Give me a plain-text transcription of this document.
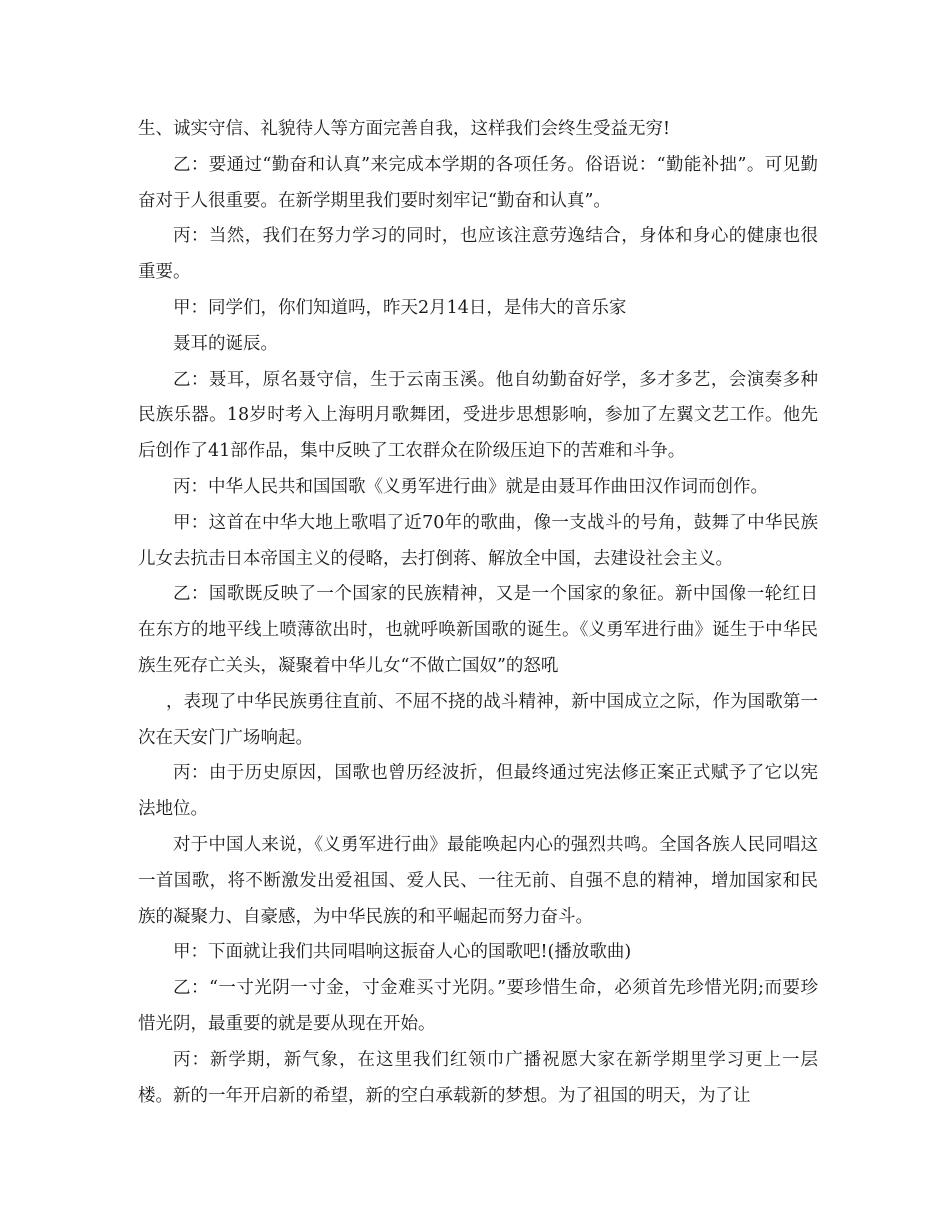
生、诚实守信、礼貌待人等方面完善自我，这样我们会终生受益无穷!

乙：要通过“勤奋和认真”来完成本学期的各项任务。俗语说：“勤能补拙”。可见勤奋对于人很重要。在新学期里我们要时刻牢记“勤奋和认真”。

丙：当然，我们在努力学习的同时，也应该注意劳逸结合，身体和身心的健康也很重要。

甲：同学们，你们知道吗，昨天2月14日，是伟大的音乐家

聂耳的诞辰。

乙：聂耳，原名聂守信，生于云南玉溪。他自幼勤奋好学，多才多艺，会演奏多种民族乐器。18岁时考入上海明月歌舞团，受进步思想影响，参加了左翼文艺工作。他先后创作了41部作品，集中反映了工农群众在阶级压迫下的苦难和斗争。

丙：中华人民共和国国歌《义勇军进行曲》就是由聂耳作曲田汉作词而创作。

甲：这首在中华大地上歌唱了近70年的歌曲，像一支战斗的号角，鼓舞了中华民族儿女去抗击日本帝国主义的侵略，去打倒蒋、解放全中国，去建设社会主义。

乙：国歌既反映了一个国家的民族精神，又是一个国家的象征。新中国像一轮红日在东方的地平线上喷薄欲出时，也就呼唤新国歌的诞生。《义勇军进行曲》诞生于中华民族生死存亡关头，凝聚着中华儿女“不做亡国奴”的怒吼

，表现了中华民族勇往直前、不屈不挠的战斗精神，新中国成立之际，作为国歌第一次在天安门广场响起。

丙：由于历史原因，国歌也曾历经波折，但最终通过宪法修正案正式赋予了它以宪法地位。

对于中国人来说，《义勇军进行曲》最能唤起内心的强烈共鸣。全国各族人民同唱这一首国歌，将不断激发出爱祖国、爱人民、一往无前、自强不息的精神，增加国家和民族的凝聚力、自豪感，为中华民族的和平崛起而努力奋斗。

甲：下面就让我们共同唱响这振奋人心的国歌吧!(播放歌曲)

乙：“一寸光阴一寸金，寸金难买寸光阴。”要珍惜生命，必须首先珍惜光阴;而要珍惜光阴，最重要的就是要从现在开始。

丙：新学期，新气象，在这里我们红领巾广播祝愿大家在新学期里学习更上一层楼。新的一年开启新的希望，新的空白承载新的梦想。为了祖国的明天，为了让
